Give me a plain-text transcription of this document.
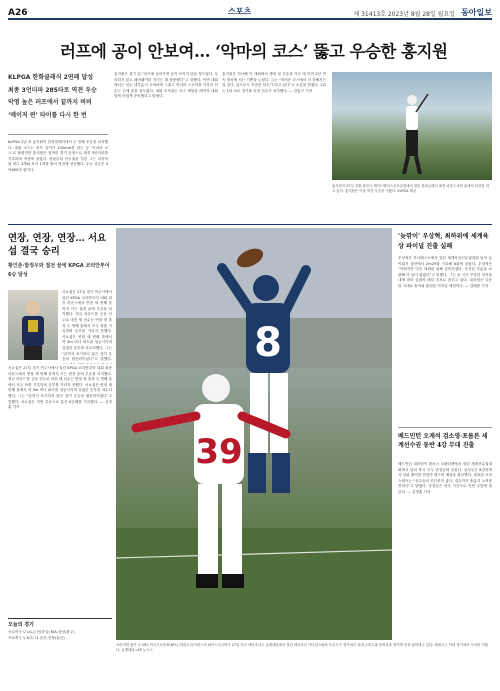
A26	스포츠	제 31413호 2023년 8월 28일 월요일 동아일보
러프에 공이 안보여… ‘악마의 코스’ 뚫고 우승한 홍지원
KLPGA 한화클래식 2연패 달성
최종 3언더파 285타로 역전 우승
악명 높은 러프에서 끝까지 버텨
‘메이저 퀸’ 타이틀 다시 한 번
KLPGA 2년 차 홍지원이 한화클래식에서 두 번째 우승을 차지했다. 대회 코스는 러프 길이가 100mm를 넘는 등 ‘악마의 코스’로 불렸지만 홍지원은 침착한 경기 운영으로 최종 3언더파를 기록하며 정상에 올랐다. 첫날부터 선두권을 지킨 그는 마지막 날 버디 3개와 보기 1개를 묶어 역전에 성공했다. 우승 상금은 3억600만 원이다.
홍지원은 경기 뒤 “러프에 들어가면 공이 보이지 않을 정도였다. 무리하지 않고 페어웨이를 지키는 데 집중했다”고 말했다. 이번 대회에서는 선수 대부분이 오버파에 그쳤고 언더파 스코어를 기록한 선수는 손에 꼽을 정도였다. 대회 조직위는 코스 세팅을 메이저 대회답게 어렵게 준비했다고 밝혔다.
홍지원은 지난해 이 대회에서 생애 첫 우승을 거둔 데 이어 2년 연속 정상에 서는 기쁨을 누렸다. 그는 “어려운 코스에서 더 강해지는 것 같다. 앞으로도 꾸준한 선수가 되고 싶다”고 소감을 밝혔다. 2위는 1타 차로 경기를 마친 선수가 차지했다. — 강홍구 기자
홍지원이 27일 강원 춘천시 제이드팰리스골프클럽에서 열린 한화클래식 최종 라운드 4번 홀에서 티샷을 하고 있다. 홍지원은 이날 역전 우승을 거뒀다. KLPGA 제공
연장, 연장, 연장… 서요섭 결국 승리
황인춘·함정우와 접전 끝에 KPGA 코리안투어 6승 달성
서요섭은 27일 경기 여주시에서 열린 KPGA 코리안투어 대회 최종 라운드에서 연장 세 번째 홀까지 가는 접전 끝에 우승을 차지했다. 정규 라운드를 공동 선두로 마친 세 선수는 연장 첫 홀과 두 번째 홀에서 모두 파를 기록하며 승부를 가리지 못했다. 서요섭은 연장 세 번째 홀에서 약 3m 버디 퍼트를 성공시키며 길었던 승부를 마무리했다. 그는 “끝까지 포기하지 않은 것이 우승의 원동력이었다”고 말했다.
서요섭은 27일 경기 여주시에서 열린 KPGA 코리안투어 대회 최종 라운드에서 연장 세 번째 홀까지 가는 접전 끝에 우승을 차지했다. 정규 라운드를 공동 선두로 마친 세 선수는 연장 첫 홀과 두 번째 홀에서 모두 파를 기록하며 승부를 가리지 못했다. 서요섭은 연장 세 번째 홀에서 약 3m 버디 퍼트를 성공시키며 길었던 승부를 마무리했다. 그는 “끝까지 포기하지 않은 것이 우승의 원동력이었다”고 말했다. 서요섭은 이번 우승으로 통산 6승째를 기록했다. — 김정훈 기자
오늘의 경기
프로야구 ▽ LG-두산(잠실) KIA-삼성(광주)
프로축구 ▽ K리그1 울산-전북(울산)
8
39
쓰러지며 잡은 공 NFL 미국프로풋볼(NFL) 테네시 타이탄스의 와이드리시버가 27일 미국 애리조나주 글렌데일에서 열린 애리조나 카디널스와의 프리시즌 경기에서 상대 수비수와 몸싸움을 벌이며 공을 잡아내고 있다. 테네시는 이날 경기에서 승리를 거뒀다. 글렌데일=AP 뉴시스
‘늦깎이’ 우상혁, 최하위에 세계육상 파이널 진출 실패
우상혁은 부다페스트에서 열린 세계육상선수권대회 남자 높이뛰기 결선에서 2m29를 기록해 6위에 올랐다. 우상혁은 “아쉽지만 다음 대회를 위해 준비하겠다. 부족한 부분을 보완해 더 높이 뛰겠다”고 말했다. 그는 올 시즌 꾸준한 성적을 내며 파리 올림픽 메달 후보로 꼽히고 있다. 대표팀은 다음 달 국내로 돌아와 훈련을 이어갈 예정이다. — 김배중 기자
배드민턴 오재석 검소영·포름튼 세계선수권 동반 4강 무대 진출
배드민턴 대표팀이 덴마크 코펜하겐에서 열린 세계선수권대회에서 남녀 복식 모두 준결승에 올랐다. 선수들은 8강전에서 상위 랭커를 연달아 꺾으며 메달을 확보했다. 대표팀 코칭스태프는 “선수들의 컨디션이 좋다. 결승까지 충분히 노려볼 만하다”고 밝혔다. 준결승은 한국 시간으로 이번 주말에 열린다. — 김정훈 기자
